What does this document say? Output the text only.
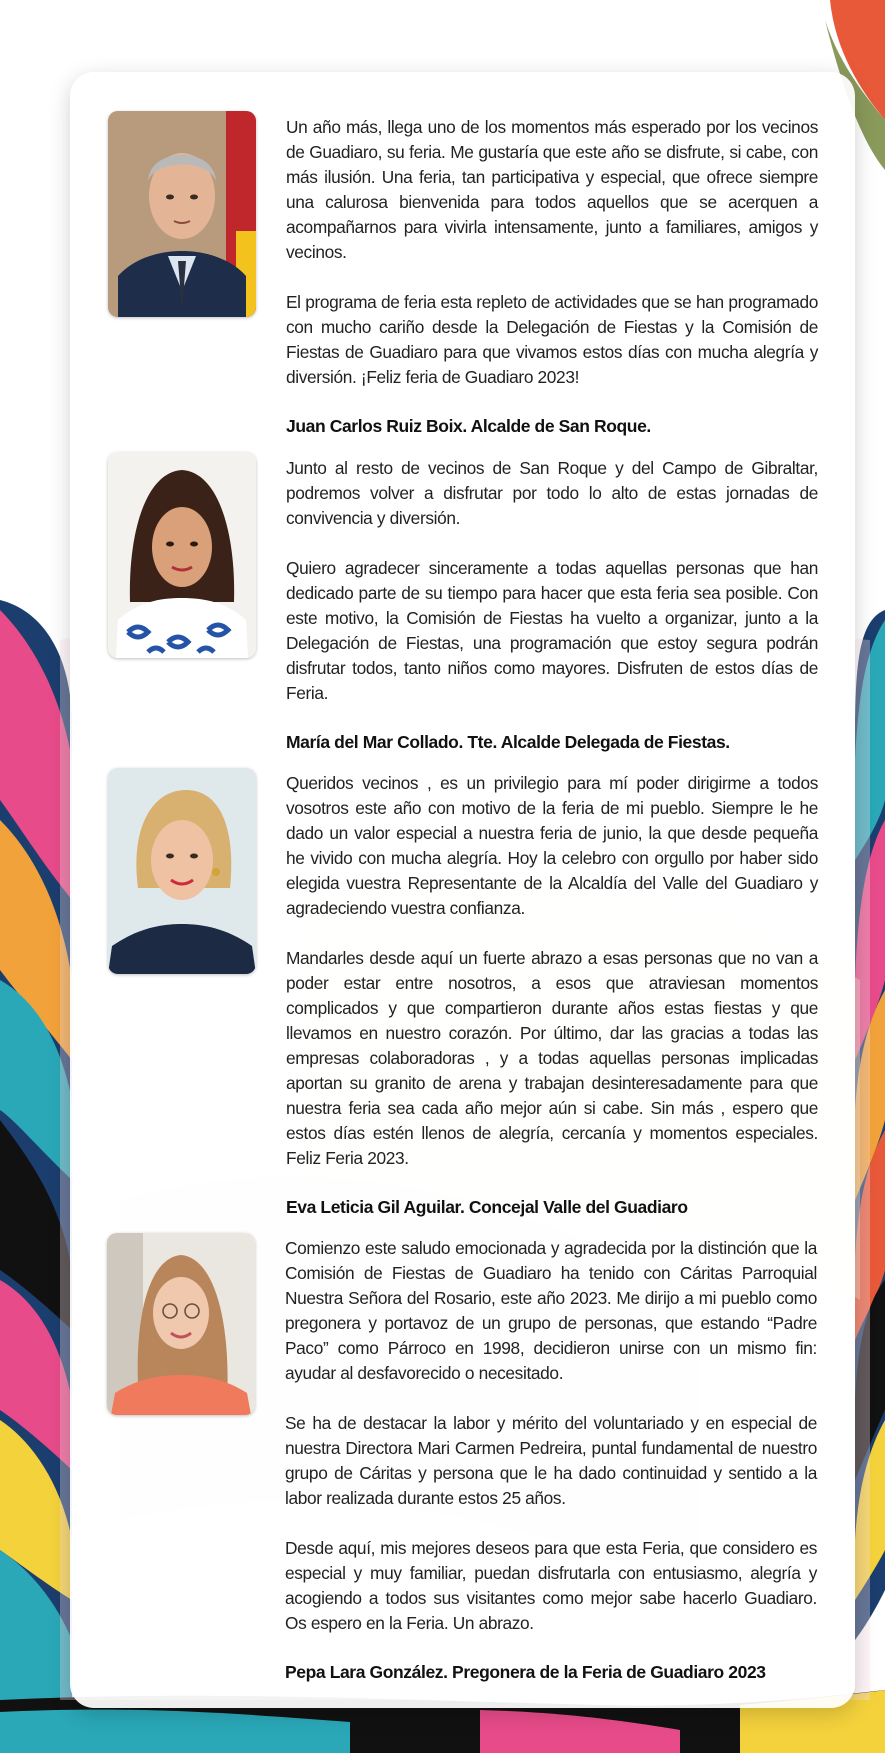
Un año más, llega uno de los momentos más esperado por los vecinos de Guadiaro, su feria. Me gustaría que este año se disfrute, si cabe, con más ilusión. Una feria, tan participativa y especial, que ofrece siempre una calurosa bienvenida para todos aquellos que se acerquen a acompañarnos para vivirla intensamente, junto a familiares, amigos y vecinos.

El programa de feria esta repleto de actividades que se han programado con mucho cariño desde la Delegación de Fiestas y la Comisión de Fiestas de Guadiaro para que vivamos estos días con mucha alegría y diversión. ¡Feliz feria de Guadiaro 2023!

Juan Carlos Ruiz Boix. Alcalde de San Roque.

Junto al resto de vecinos de San Roque y del Campo de Gibraltar, podremos volver a disfrutar por todo lo alto de estas jornadas de convivencia y diversión.

Quiero agradecer sinceramente a todas aquellas personas que han dedicado parte de su tiempo para hacer que esta feria sea posible. Con este motivo, la Comisión de Fiestas ha vuelto a organizar, junto a la Delegación de Fiestas, una programación que estoy segura podrán disfrutar todos, tanto niños como mayores. Disfruten de estos días de Feria.

María del Mar Collado. Tte. Alcalde Delegada de Fiestas.

Queridos vecinos , es un privilegio para mí poder dirigirme a todos vosotros este año con motivo de la feria de mi pueblo. Siempre le he dado un valor especial a nuestra feria de junio, la que desde pequeña he vivido con mucha alegría. Hoy la celebro con orgullo por haber sido elegida vuestra Representante de la Alcaldía del Valle del Guadiaro y agradeciendo vuestra confianza.

Mandarles desde aquí un fuerte abrazo a esas personas que no van a poder estar entre nosotros, a esos que atraviesan momentos complicados y que compartieron durante años estas fiestas y que llevamos en nuestro corazón. Por último, dar las gracias a todas las empresas colaboradoras , y a todas aquellas personas implicadas aportan su granito de arena y trabajan desinteresadamente para que nuestra feria sea cada año mejor aún si cabe. Sin más , espero que estos días estén llenos de alegría, cercanía y momentos especiales. Feliz Feria 2023.

Eva Leticia Gil Aguilar. Concejal Valle del Guadiaro

Comienzo este saludo emocionada y agradecida por la distinción que la Comisión de Fiestas de Guadiaro ha tenido con Cáritas Parroquial Nuestra Señora del Rosario, este año 2023. Me dirijo a mi pueblo como pregonera y portavoz de un grupo de personas, que estando “Padre Paco” como Párroco en 1998, decidieron unirse con un mismo fin: ayudar al desfavorecido o necesitado.

Se ha de destacar la labor y mérito del voluntariado y en especial de nuestra Directora Mari Carmen Pedreira, puntal fundamental de nuestro grupo de Cáritas y persona que le ha dado continuidad y sentido a la labor realizada durante estos 25 años.

Desde aquí, mis mejores deseos para que esta Feria, que considero es especial y muy familiar, puedan disfrutarla con entusiasmo, alegría y acogiendo a todos sus visitantes como mejor sabe hacerlo Guadiaro. Os espero en la Feria. Un abrazo.

Pepa Lara González. Pregonera de la Feria de Guadiaro 2023
